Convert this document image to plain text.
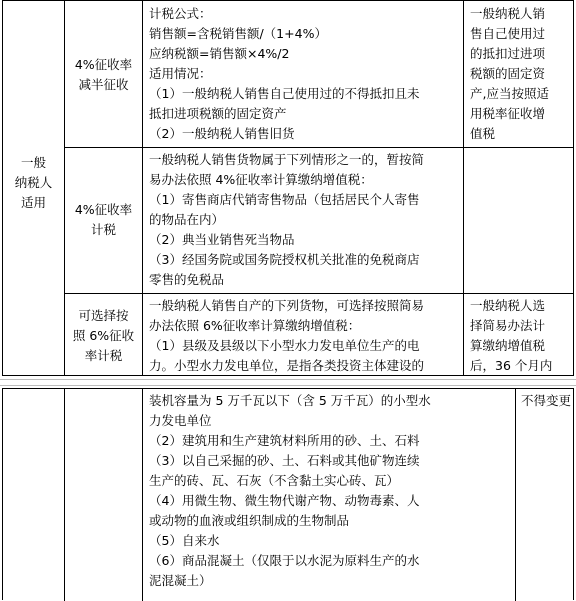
一般
纳税人
适用
4%征收率
减半征收
计税公式：
销售额=含税销售额/（1+4%）
应纳税额=销售额×4%/2
适用情况：
（1）一般纳税人销售自己使用过的不得抵扣且未
抵扣进项税额的固定资产
（2）一般纳税人销售旧货
一般纳税人销
售自己使用过
的抵扣过进项
税额的固定资
产,应当按照适
用税率征收增
值税
4%征收率
计税
一般纳税人销售货物属于下列情形之一的，暂按简
易办法依照 4%征收率计算缴纳增值税：
（1）寄售商店代销寄售物品（包括居民个人寄售
的物品在内）
（2）典当业销售死当物品
（3）经国务院或国务院授权机关批准的免税商店
零售的免税品
可选择按
照 6%征收
率计税
一般纳税人销售自产的下列货物，可选择按照简易
办法依照 6%征收率计算缴纳增值税：
（1）县级及县级以下小型水力发电单位生产的电
力。小型水力发电单位，是指各类投资主体建设的
一般纳税人选
择简易办法计
算缴纳增值税
后，36 个月内
装机容量为 5 万千瓦以下（含 5 万千瓦）的小型水
力发电单位
（2）建筑用和生产建筑材料所用的砂、土、石料
（3）以自己采掘的砂、土、石料或其他矿物连续
生产的砖、瓦、石灰（不含黏土实心砖、瓦）
（4）用微生物、微生物代谢产物、动物毒素、人
或动物的血液或组织制成的生物制品
（5）自来水
（6）商品混凝土（仅限于以水泥为原料生产的水
泥混凝土）
不得变更
